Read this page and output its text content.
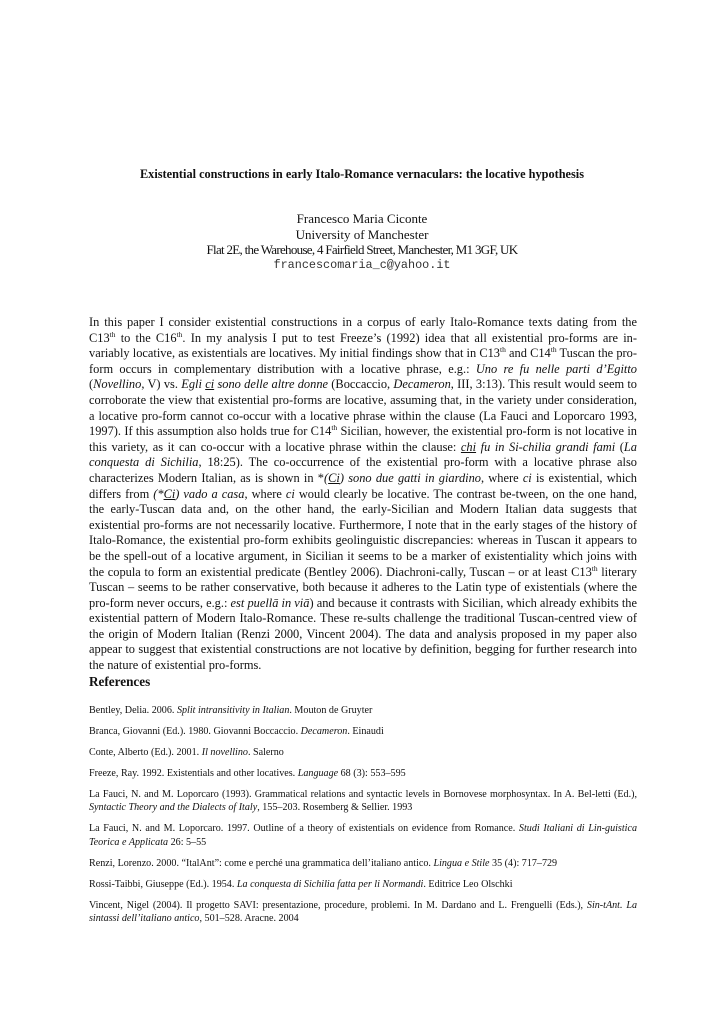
Existential constructions in early Italo-Romance vernaculars: the locative hypothesis
Francesco Maria Ciconte
University of Manchester
Flat 2E, the Warehouse, 4 Fairfield Street, Manchester, M1 3GF, UK
francescomaria_c@yahoo.it

In this paper I consider existential constructions in a corpus of early Italo-Romance texts dating from the C13th to the C16th. In my analysis I put to test Freeze’s (1992) idea that all existential pro-forms are in-variably locative, as existentials are locatives. My initial findings show that in C13th and C14th Tuscan the pro-form occurs in complementary distribution with a locative phrase, e.g.: Uno re fu nelle parti d’Egitto (Novellino, V) vs. Egli ci sono delle altre donne (Boccaccio, Decameron, III, 3:13). This result would seem to corroborate the view that existential pro-forms are locative, assuming that, in the variety under consideration, a locative pro-form cannot co-occur with a locative phrase within the clause (La Fauci and Loporcaro 1993, 1997). If this assumption also holds true for C14th Sicilian, however, the existential pro-form is not locative in this variety, as it can co-occur with a locative phrase within the clause: chi fu in Si-chilia grandi fami (La conquesta di Sichilia, 18:25). The co-occurrence of the existential pro-form with a locative phrase also characterizes Modern Italian, as is shown in *(Ci) sono due gatti in giardino, where ci is existential, which differs from (*Ci) vado a casa, where ci would clearly be locative. The contrast be-tween, on the one hand, the early-Tuscan data and, on the other hand, the early-Sicilian and Modern Italian data suggests that existential pro-forms are not necessarily locative. Furthermore, I note that in the early stages of the history of Italo-Romance, the existential pro-form exhibits geolinguistic discrepancies: whereas in Tuscan it appears to be the spell-out of a locative argument, in Sicilian it seems to be a marker of existentiality which joins with the copula to form an existential predicate (Bentley 2006). Diachroni-cally, Tuscan – or at least C13th literary Tuscan – seems to be rather conservative, both because it adheres to the Latin type of existentials (where the pro-form never occurs, e.g.: est puellā in viā) and because it contrasts with Sicilian, which already exhibits the existential pattern of Modern Italo-Romance. These re-sults challenge the traditional Tuscan-centred view of the origin of Modern Italian (Renzi 2000, Vincent 2004). The data and analysis proposed in my paper also appear to suggest that existential constructions are not locative by definition, begging for further research into the nature of existential pro-forms.

References
Bentley, Delia. 2006. Split intransitivity in Italian. Mouton de Gruyter
Branca, Giovanni (Ed.). 1980. Giovanni Boccaccio. Decameron. Einaudi
Conte, Alberto (Ed.). 2001. Il novellino. Salerno
Freeze, Ray. 1992. Existentials and other locatives. Language 68 (3): 553–595
La Fauci, N. and M. Loporcaro (1993). Grammatical relations and syntactic levels in Bornovese morphosyntax. In A. Bel-letti (Ed.), Syntactic Theory and the Dialects of Italy, 155–203. Rosemberg & Sellier. 1993
La Fauci, N. and M. Loporcaro. 1997. Outline of a theory of existentials on evidence from Romance. Studi Italiani di Lin-guistica Teorica e Applicata 26: 5–55
Renzi, Lorenzo. 2000. “ItalAnt”: come e perché una grammatica dell’italiano antico. Lingua e Stile 35 (4): 717–729
Rossi-Taibbi, Giuseppe (Ed.). 1954. La conquesta di Sichilia fatta per li Normandi. Editrice Leo Olschki
Vincent, Nigel (2004). Il progetto SAVI: presentazione, procedure, problemi. In M. Dardano and L. Frenguelli (Eds.), Sin-tAnt. La sintassi dell’italiano antico, 501–528. Aracne. 2004
